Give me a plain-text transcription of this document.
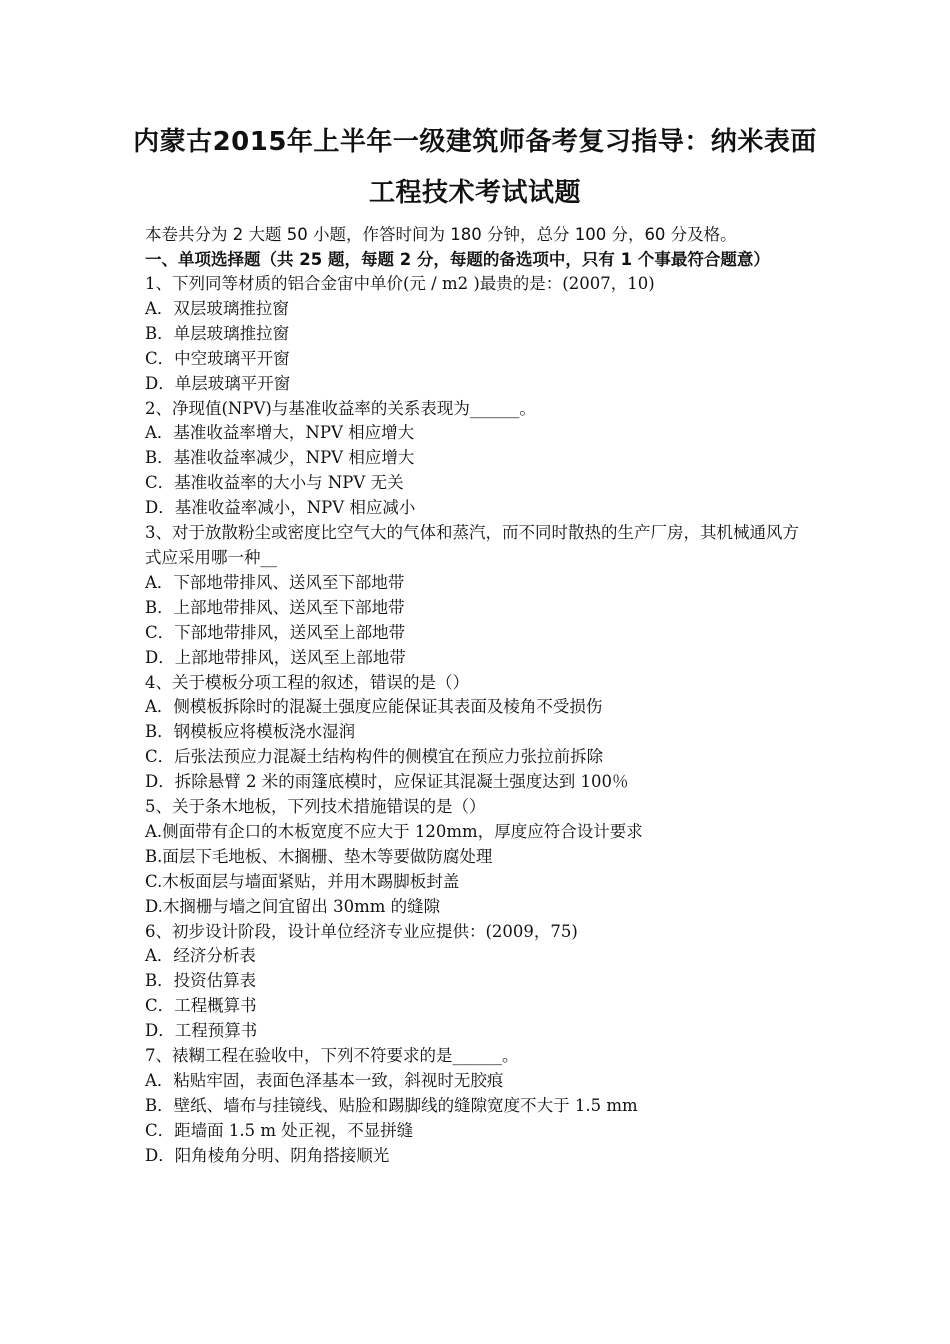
内蒙古2015年上半年一级建筑师备考复习指导：纳米表面
工程技术考试试题
本卷共分为 2 大题 50 小题，作答时间为 180 分钟，总分 100 分，60 分及格。
一、单项选择题（共 25 题，每题 2 分，每题的备选项中，只有 1 个事最符合题意）
1、下列同等材质的铝合金宙中单价(元 / m2 )最贵的是：(2007，10)
A．双层玻璃推拉窗
B．单层玻璃推拉窗
C．中空玻璃平开窗
D．单层玻璃平开窗
2、净现值(NPV)与基准收益率的关系表现为______。
A．基准收益率增大，NPV 相应增大
B．基准收益率减少，NPV 相应增大
C．基准收益率的大小与 NPV 无关
D．基准收益率减小，NPV 相应减小
3、对于放散粉尘或密度比空气大的气体和蒸汽，而不同时散热的生产厂房，其机械通风方式应采用哪一种__
A．下部地带排风、送风至下部地带
B．上部地带排风、送风至下部地带
C．下部地带排风，送风至上部地带
D．上部地带排风，送风至上部地带
4、关于模板分项工程的叙述，错误的是（）
A．侧模板拆除时的混凝土强度应能保证其表面及棱角不受损伤
B．钢模板应将模板浇水湿润
C．后张法预应力混凝土结构构件的侧模宜在预应力张拉前拆除
D．拆除悬臂 2 米的雨篷底模时，应保证其混凝土强度达到 100％
5、关于条木地板，下列技术措施错误的是（）
A.侧面带有企口的木板宽度不应大于 120mm，厚度应符合设计要求
B.面层下毛地板、木搁栅、垫木等要做防腐处理
C.木板面层与墙面紧贴，并用木踢脚板封盖
D.木搁栅与墙之间宜留出 30mm 的缝隙
6、初步设计阶段，设计单位经济专业应提供：(2009，75)
A．经济分析表
B．投资估算表
C．工程概算书
D．工程预算书
7、裱糊工程在验收中，下列不符要求的是______。
A．粘贴牢固，表面色泽基本一致，斜视时无胶痕
B．壁纸、墙布与挂镜线、贴脸和踢脚线的缝隙宽度不大于 1.5 mm
C．距墙面 1.5 m 处正视，不显拼缝
D．阳角棱角分明、阴角搭接顺光
